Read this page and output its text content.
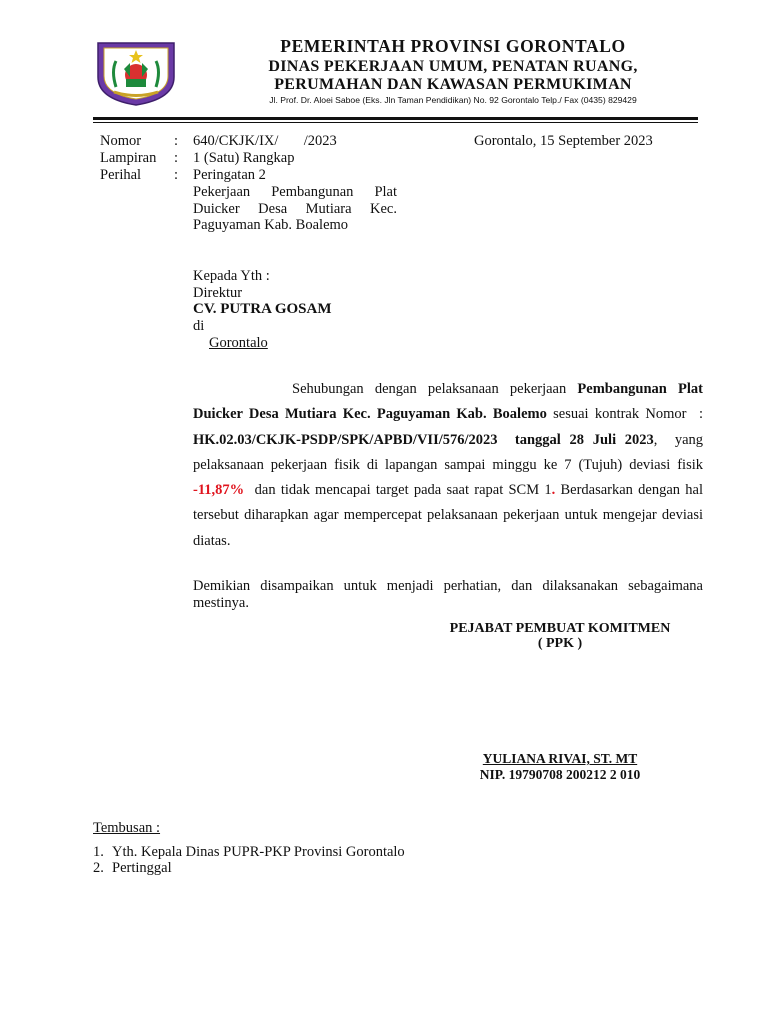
PEMERINTAH PROVINSI GORONTALO
DINAS PEKERJAAN UMUM, PENATAN RUANG,
PERUMAHAN DAN KAWASAN PERMUKIMAN
Jl. Prof. Dr. Aloei Saboe (Eks. Jln Taman Pendidikan) No. 92 Gorontalo Telp./ Fax (0435) 829429
Nomor : 640/CKJK/IX/       /2023	Gorontalo, 15 September 2023
Lampiran : 1 (Satu) Rangkap
Perihal : Peringatan 2
Pekerjaan Pembangunan Plat Duicker Desa Mutiara Kec. Paguyaman Kab. Boalemo
Kepada Yth :
Direktur
CV. PUTRA GOSAM
di
Gorontalo
Sehubungan dengan pelaksanaan pekerjaan Pembangunan Plat Duicker Desa Mutiara Kec. Paguyaman Kab. Boalemo sesuai kontrak Nomor  : HK.02.03/CKJK-PSDP/SPK/APBD/VII/576/2023  tanggal 28 Juli 2023,  yang pelaksanaan pekerjaan fisik di lapangan sampai minggu ke 7 (Tujuh) deviasi fisik  -11,87%  dan tidak mencapai target pada saat rapat SCM 1. Berdasarkan dengan hal tersebut diharapkan agar mempercepat pelaksanaan pekerjaan untuk mengejar deviasi diatas.
Demikian disampaikan untuk menjadi perhatian, dan dilaksanakan sebagaimana mestinya.
PEJABAT PEMBUAT KOMITMEN
( PPK )
YULIANA RIVAI, ST. MT
NIP. 19790708 200212 2 010
Tembusan :
1. Yth. Kepala Dinas PUPR-PKP Provinsi Gorontalo
2. Pertinggal
